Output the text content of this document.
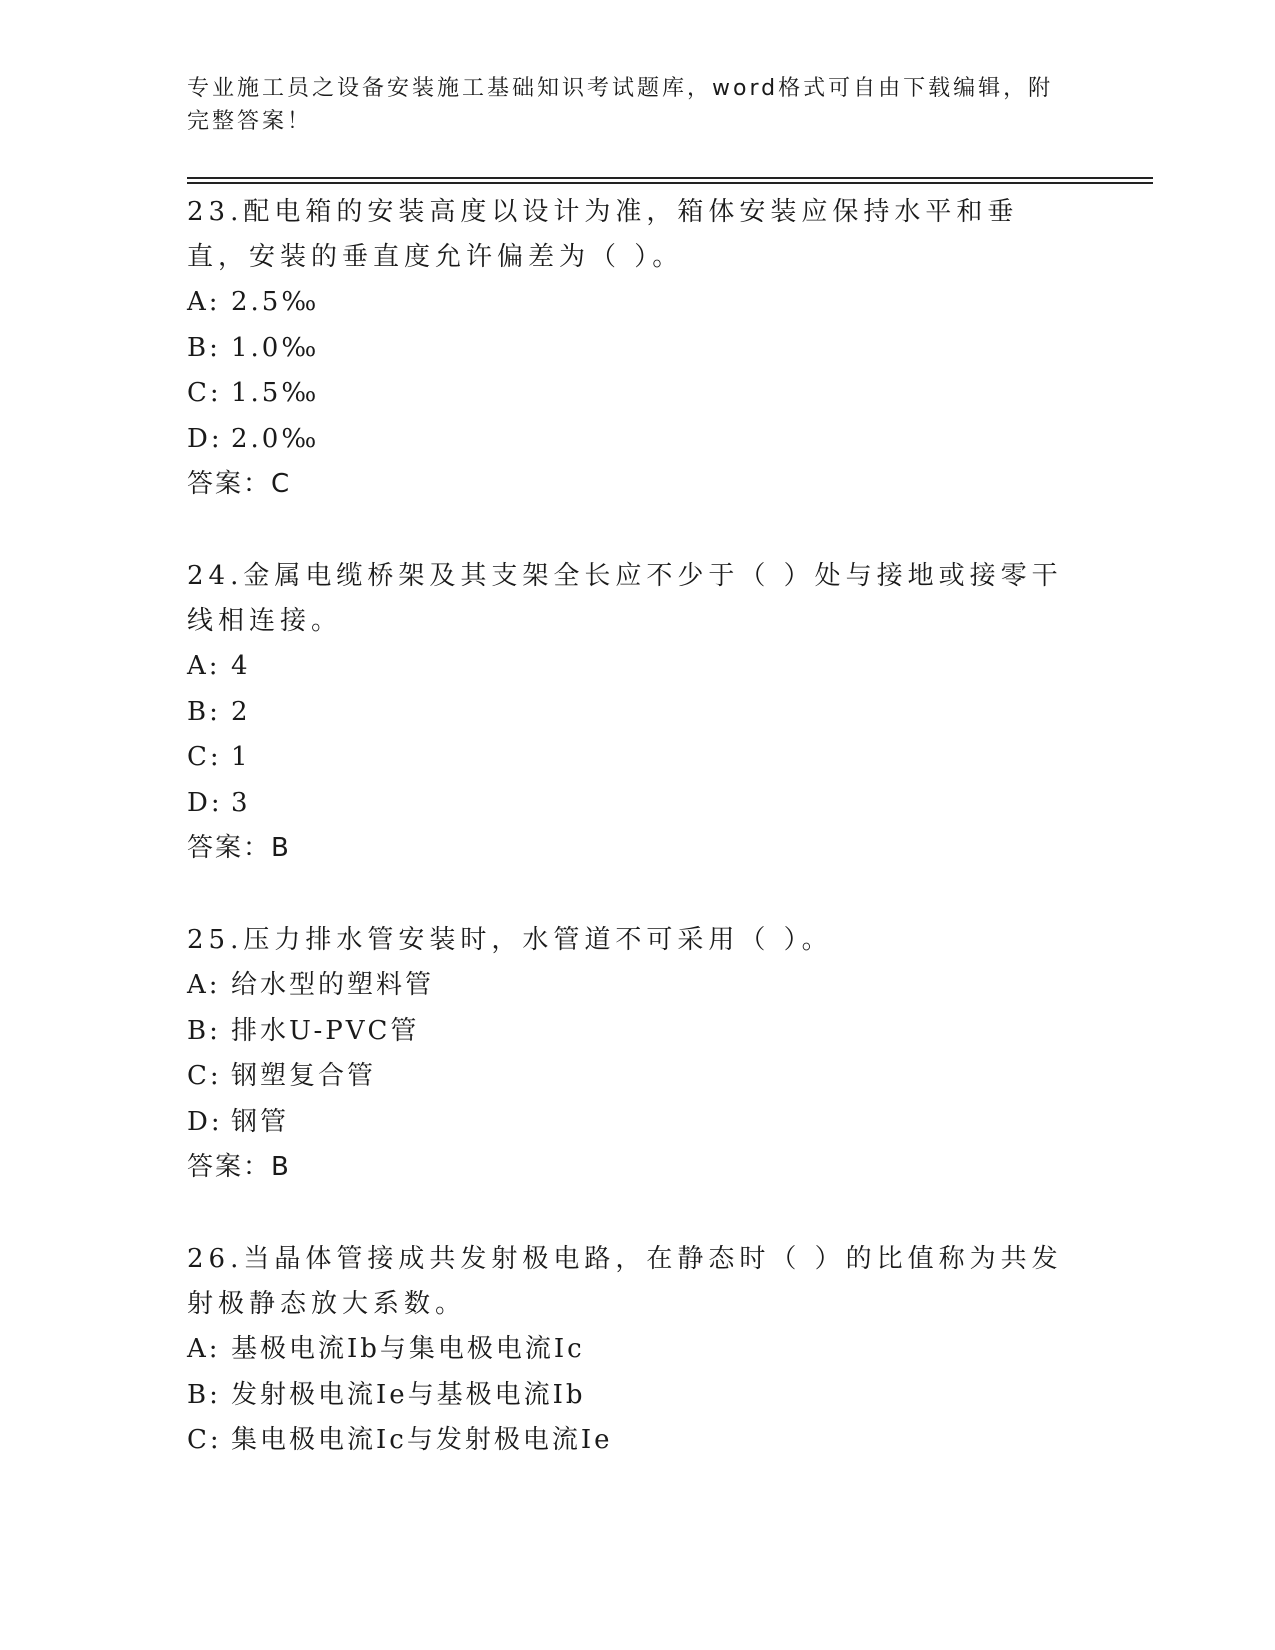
专业施工员之设备安装施工基础知识考试题库，word格式可自由下载编辑，附完整答案！
23.配电箱的安装高度以设计为准，箱体安装应保持水平和垂直，安装的垂直度允许偏差为（ ）。
A: 2.5‰
B: 1.0‰
C: 1.5‰
D: 2.0‰
答案：C
24.金属电缆桥架及其支架全长应不少于（ ）处与接地或接零干线相连接。
A: 4
B: 2
C: 1
D: 3
答案：B
25.压力排水管安装时，水管道不可采用（ ）。
A: 给水型的塑料管
B: 排水U-PVC管
C: 钢塑复合管
D: 钢管
答案：B
26.当晶体管接成共发射极电路，在静态时（ ）的比值称为共发射极静态放大系数。
A: 基极电流Ib与集电极电流Ic
B: 发射极电流Ie与基极电流Ib
C: 集电极电流Ic与发射极电流Ie
